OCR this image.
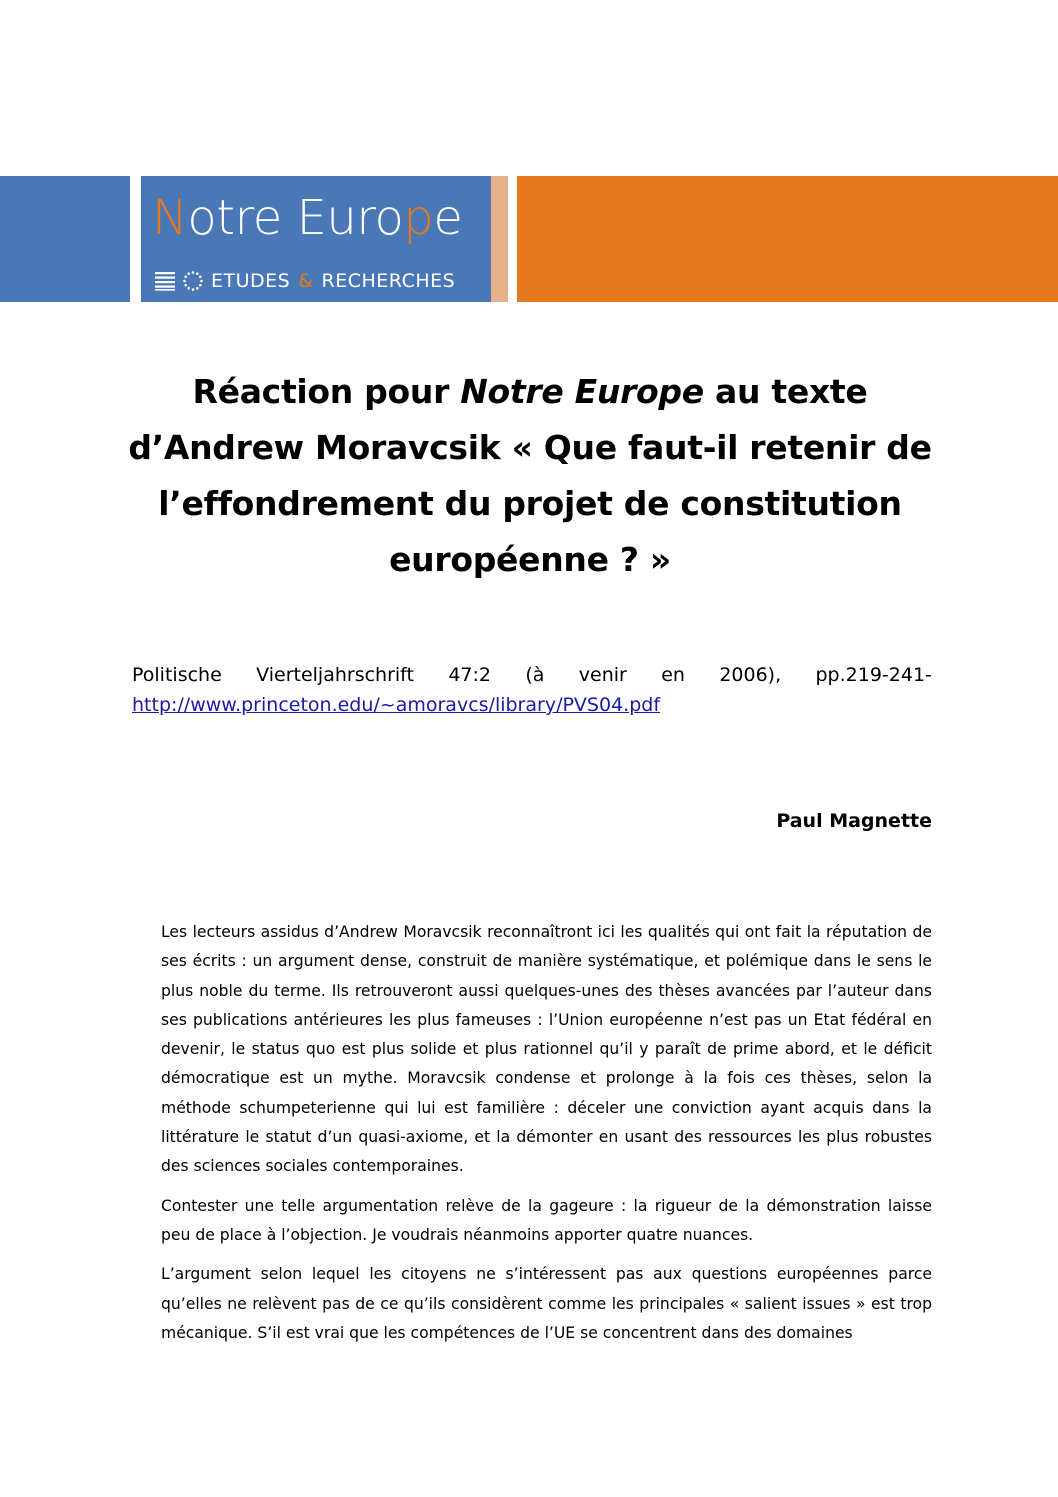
Notre Europe
ETUDES & RECHERCHES
Réaction pour Notre Europe au texte d’Andrew Moravcsik « Que faut-il retenir de l’effondrement du projet de constitution européenne ? »
Politische Vierteljahrschrift 47:2 (à venir en 2006), pp.219-241-
http://www.princeton.edu/~amoravcs/library/PVS04.pdf
Paul Magnette

Les lecteurs assidus d’Andrew Moravcsik reconnaîtront ici les qualités qui ont fait la réputation de ses écrits : un argument dense, construit de manière systématique, et polémique dans le sens le plus noble du terme. Ils retrouveront aussi quelques-unes des thèses avancées par l’auteur dans ses publications antérieures les plus fameuses : l’Union européenne n’est pas un Etat fédéral en devenir, le status quo est plus solide et plus rationnel qu’il y paraît de prime abord, et le déficit démocratique est un mythe. Moravcsik condense et prolonge à la fois ces thèses, selon la méthode schumpeterienne qui lui est familière : déceler une conviction ayant acquis dans la littérature le statut d’un quasi-axiome, et la démonter en usant des ressources les plus robustes des sciences sociales contemporaines.

Contester une telle argumentation relève de la gageure : la rigueur de la démonstration laisse peu de place à l’objection. Je voudrais néanmoins apporter quatre nuances.

L’argument selon lequel les citoyens ne s’intéressent pas aux questions européennes parce qu’elles ne relèvent pas de ce qu’ils considèrent comme les principales « salient issues » est trop mécanique. S’il est vrai que les compétences de l’UE se concentrent dans des domaines
